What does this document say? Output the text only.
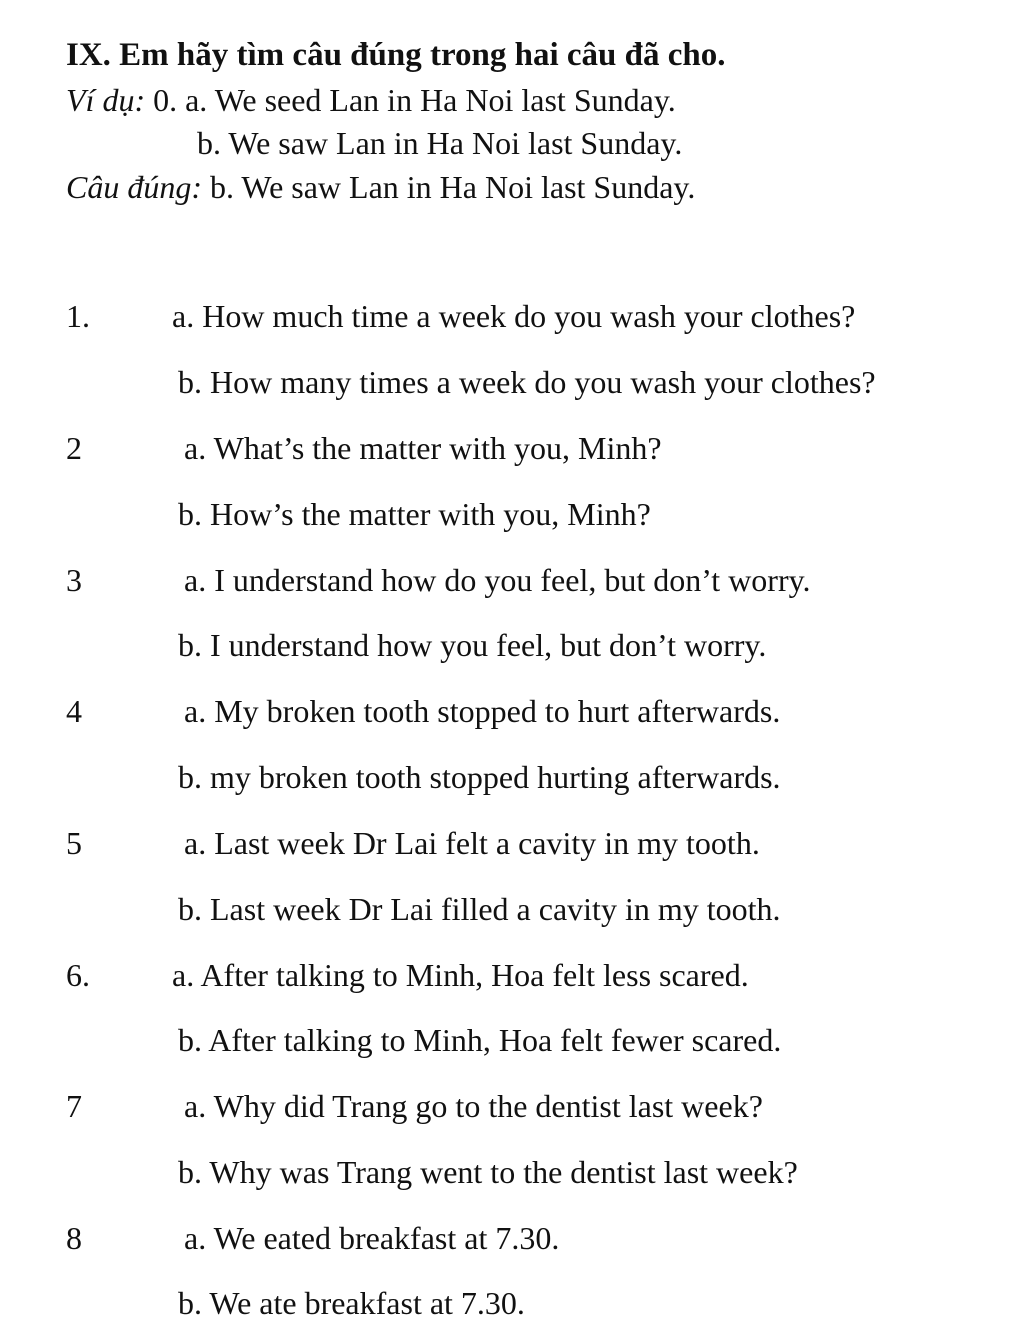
IX. Em hãy tìm câu đúng trong hai câu đã cho.
Ví dụ: 0. a. We seed Lan in Ha Noi last Sunday.
b. We saw Lan in Ha Noi last Sunday.
Câu đúng: b. We saw Lan in Ha Noi last Sunday.
1.	a. How much time a week do you wash your clothes?
b. How many times a week do you wash your clothes?
2	a. What’s the matter with you, Minh?
b. How’s the matter with you, Minh?
3	a. I understand how do you feel, but don’t worry.
b. I understand how you feel, but don’t worry.
4	a. My broken tooth stopped to hurt afterwards.
b. my broken tooth stopped hurting afterwards.
5	a. Last week Dr Lai felt a cavity in my tooth.
b. Last week Dr Lai filled a cavity in my tooth.
6.	a. After talking to Minh, Hoa felt less scared.
b. After talking to Minh, Hoa felt fewer scared.
7	a. Why did Trang go to the dentist last week?
b. Why was Trang went to the dentist last week?
8	a. We eated breakfast at 7.30.
b. We ate breakfast at 7.30.
